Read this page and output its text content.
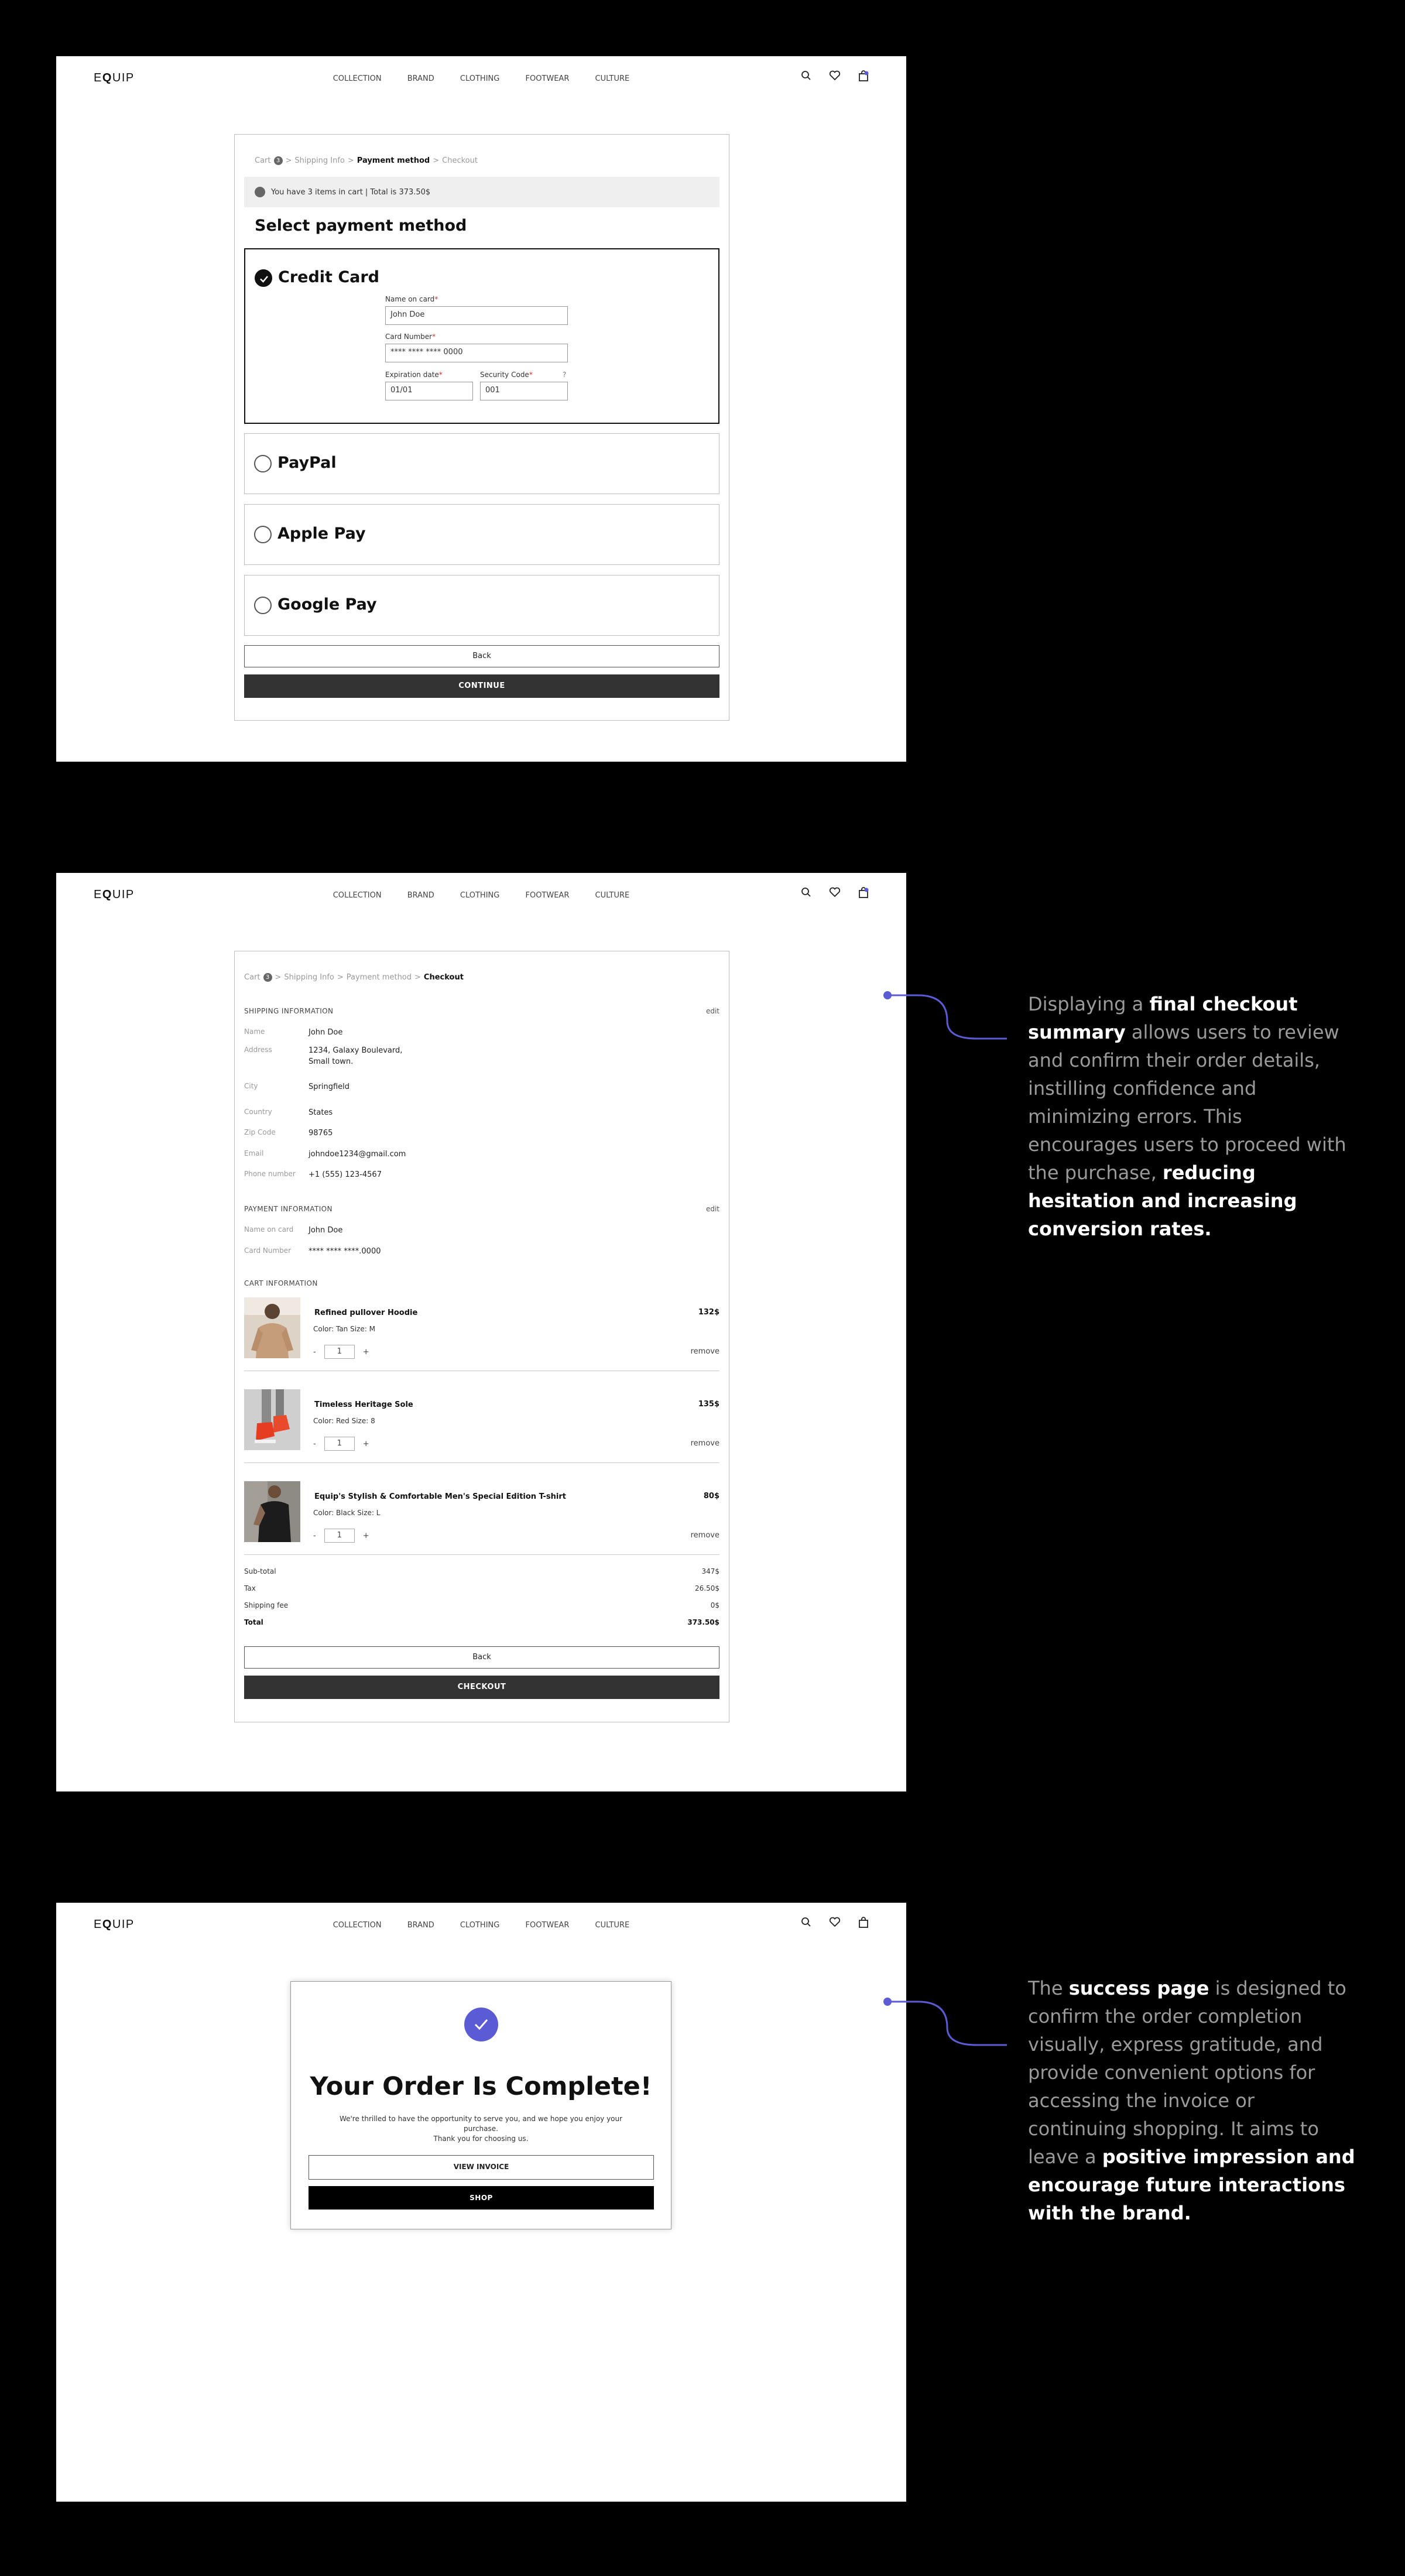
EQUIP	COLLECTION	BRAND	CLOTHING	FOOTWEAR	CULTURE
Cart 3 > Shipping Info > Payment method > Checkout
You have 3 items in cart | Total is 373.50$
Select payment method
Credit Card
Name on card*
John Doe
Card Number*
**** **** **** 0000
Expiration date*
01/01
Security Code*	?
001
PayPal
Apple Pay
Google Pay
Back
CONTINUE
EQUIP	COLLECTION	BRAND	CLOTHING	FOOTWEAR	CULTURE
Cart 3 > Shipping Info > Payment method > Checkout
SHIPPING INFORMATION	edit
Name	John Doe
Address	1234, Galaxy Boulevard,
Small town.
City	Springfield
Country	States
Zip Code	98765
Email	johndoe1234@gmail.com
Phone number +1 (555) 123-4567
PAYMENT INFORMATION	edit
Name on card John Doe
Card Number **** **** ****.0000
CART INFORMATION
Refined pullover Hoodie
Color: Tan Size: M
132$
-	1	+	remove
Timeless Heritage Sole
Color: Red Size: 8
135$
-	1	+	remove
Equip's Stylish & Comfortable Men's Special Edition T-shirt
Color: Black Size: L
80$
-	1	+	remove
Sub-total	347$
Tax	26.50$
Shipping fee	0$
Total	373.50$
Back
CHECKOUT
Displaying a final checkout summary allows users to review and confirm their order details, instilling confidence and minimizing errors. This encourages users to proceed with the purchase, reducing hesitation and increasing conversion rates.
EQUIP	COLLECTION	BRAND	CLOTHING	FOOTWEAR	CULTURE
Your Order Is Complete!
We're thrilled to have the opportunity to serve you, and we hope you enjoy your purchase.
Thank you for choosing us.
VIEW INVOICE
SHOP
The success page is designed to confirm the order completion visually, express gratitude, and provide convenient options for accessing the invoice or continuing shopping. It aims to leave a positive impression and encourage future interactions with the brand.
